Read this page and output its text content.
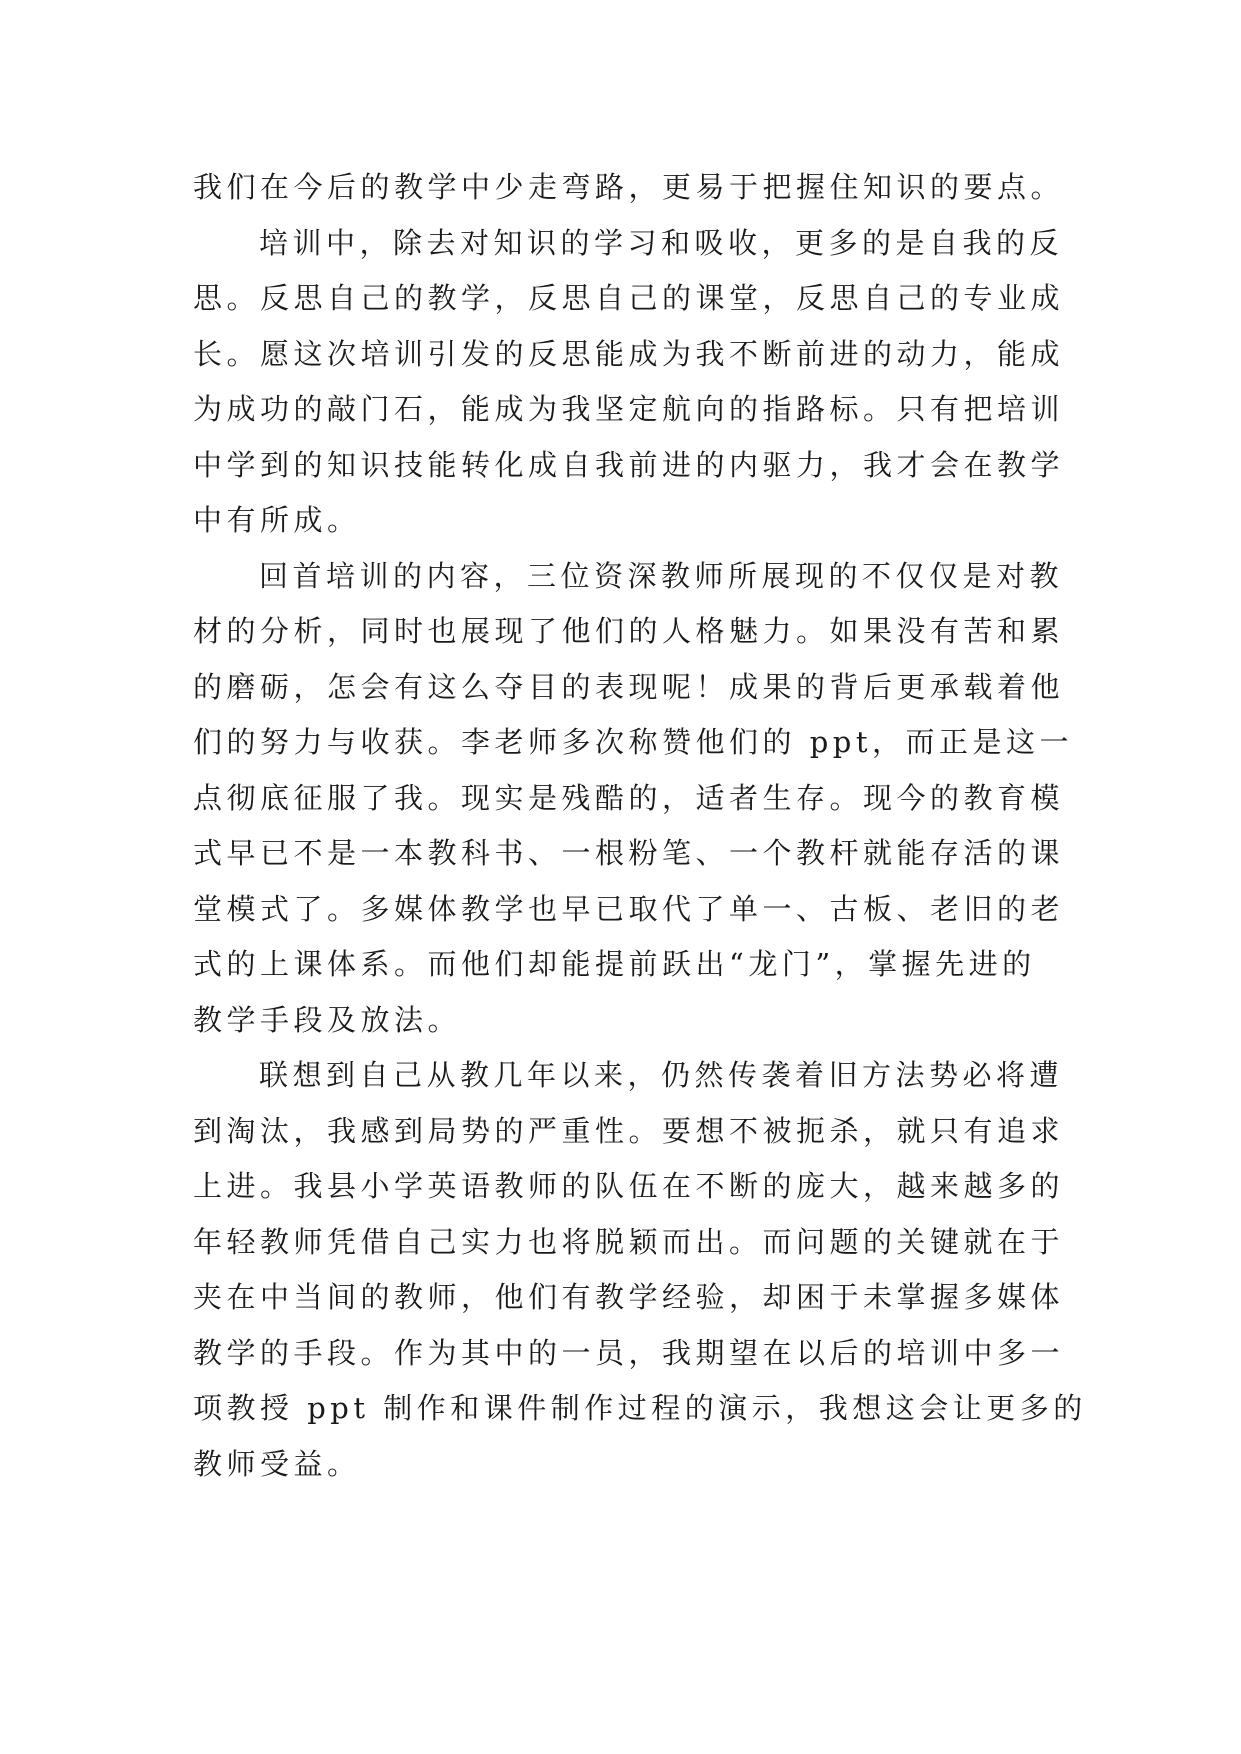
我们在今后的教学中少走弯路，更易于把握住知识的要点。
培训中，除去对知识的学习和吸收，更多的是自我的反
思。反思自己的教学，反思自己的课堂，反思自己的专业成
长。愿这次培训引发的反思能成为我不断前进的动力，能成
为成功的敲门石，能成为我坚定航向的指路标。只有把培训
中学到的知识技能转化成自我前进的内驱力，我才会在教学
中有所成。
回首培训的内容，三位资深教师所展现的不仅仅是对教
材的分析，同时也展现了他们的人格魅力。如果没有苦和累
的磨砺，怎会有这么夺目的表现呢！成果的背后更承载着他
们的努力与收获。李老师多次称赞他们的 ppt，而正是这一
点彻底征服了我。现实是残酷的，适者生存。现今的教育模
式早已不是一本教科书、一根粉笔、一个教杆就能存活的课
堂模式了。多媒体教学也早已取代了单一、古板、老旧的老
式的上课体系。而他们却能提前跃出“龙门”，掌握先进的
教学手段及放法。
联想到自己从教几年以来，仍然传袭着旧方法势必将遭
到淘汰，我感到局势的严重性。要想不被扼杀，就只有追求
上进。我县小学英语教师的队伍在不断的庞大，越来越多的
年轻教师凭借自己实力也将脱颖而出。而问题的关键就在于
夹在中当间的教师，他们有教学经验，却困于未掌握多媒体
教学的手段。作为其中的一员，我期望在以后的培训中多一
项教授 ppt 制作和课件制作过程的演示，我想这会让更多的
教师受益。
